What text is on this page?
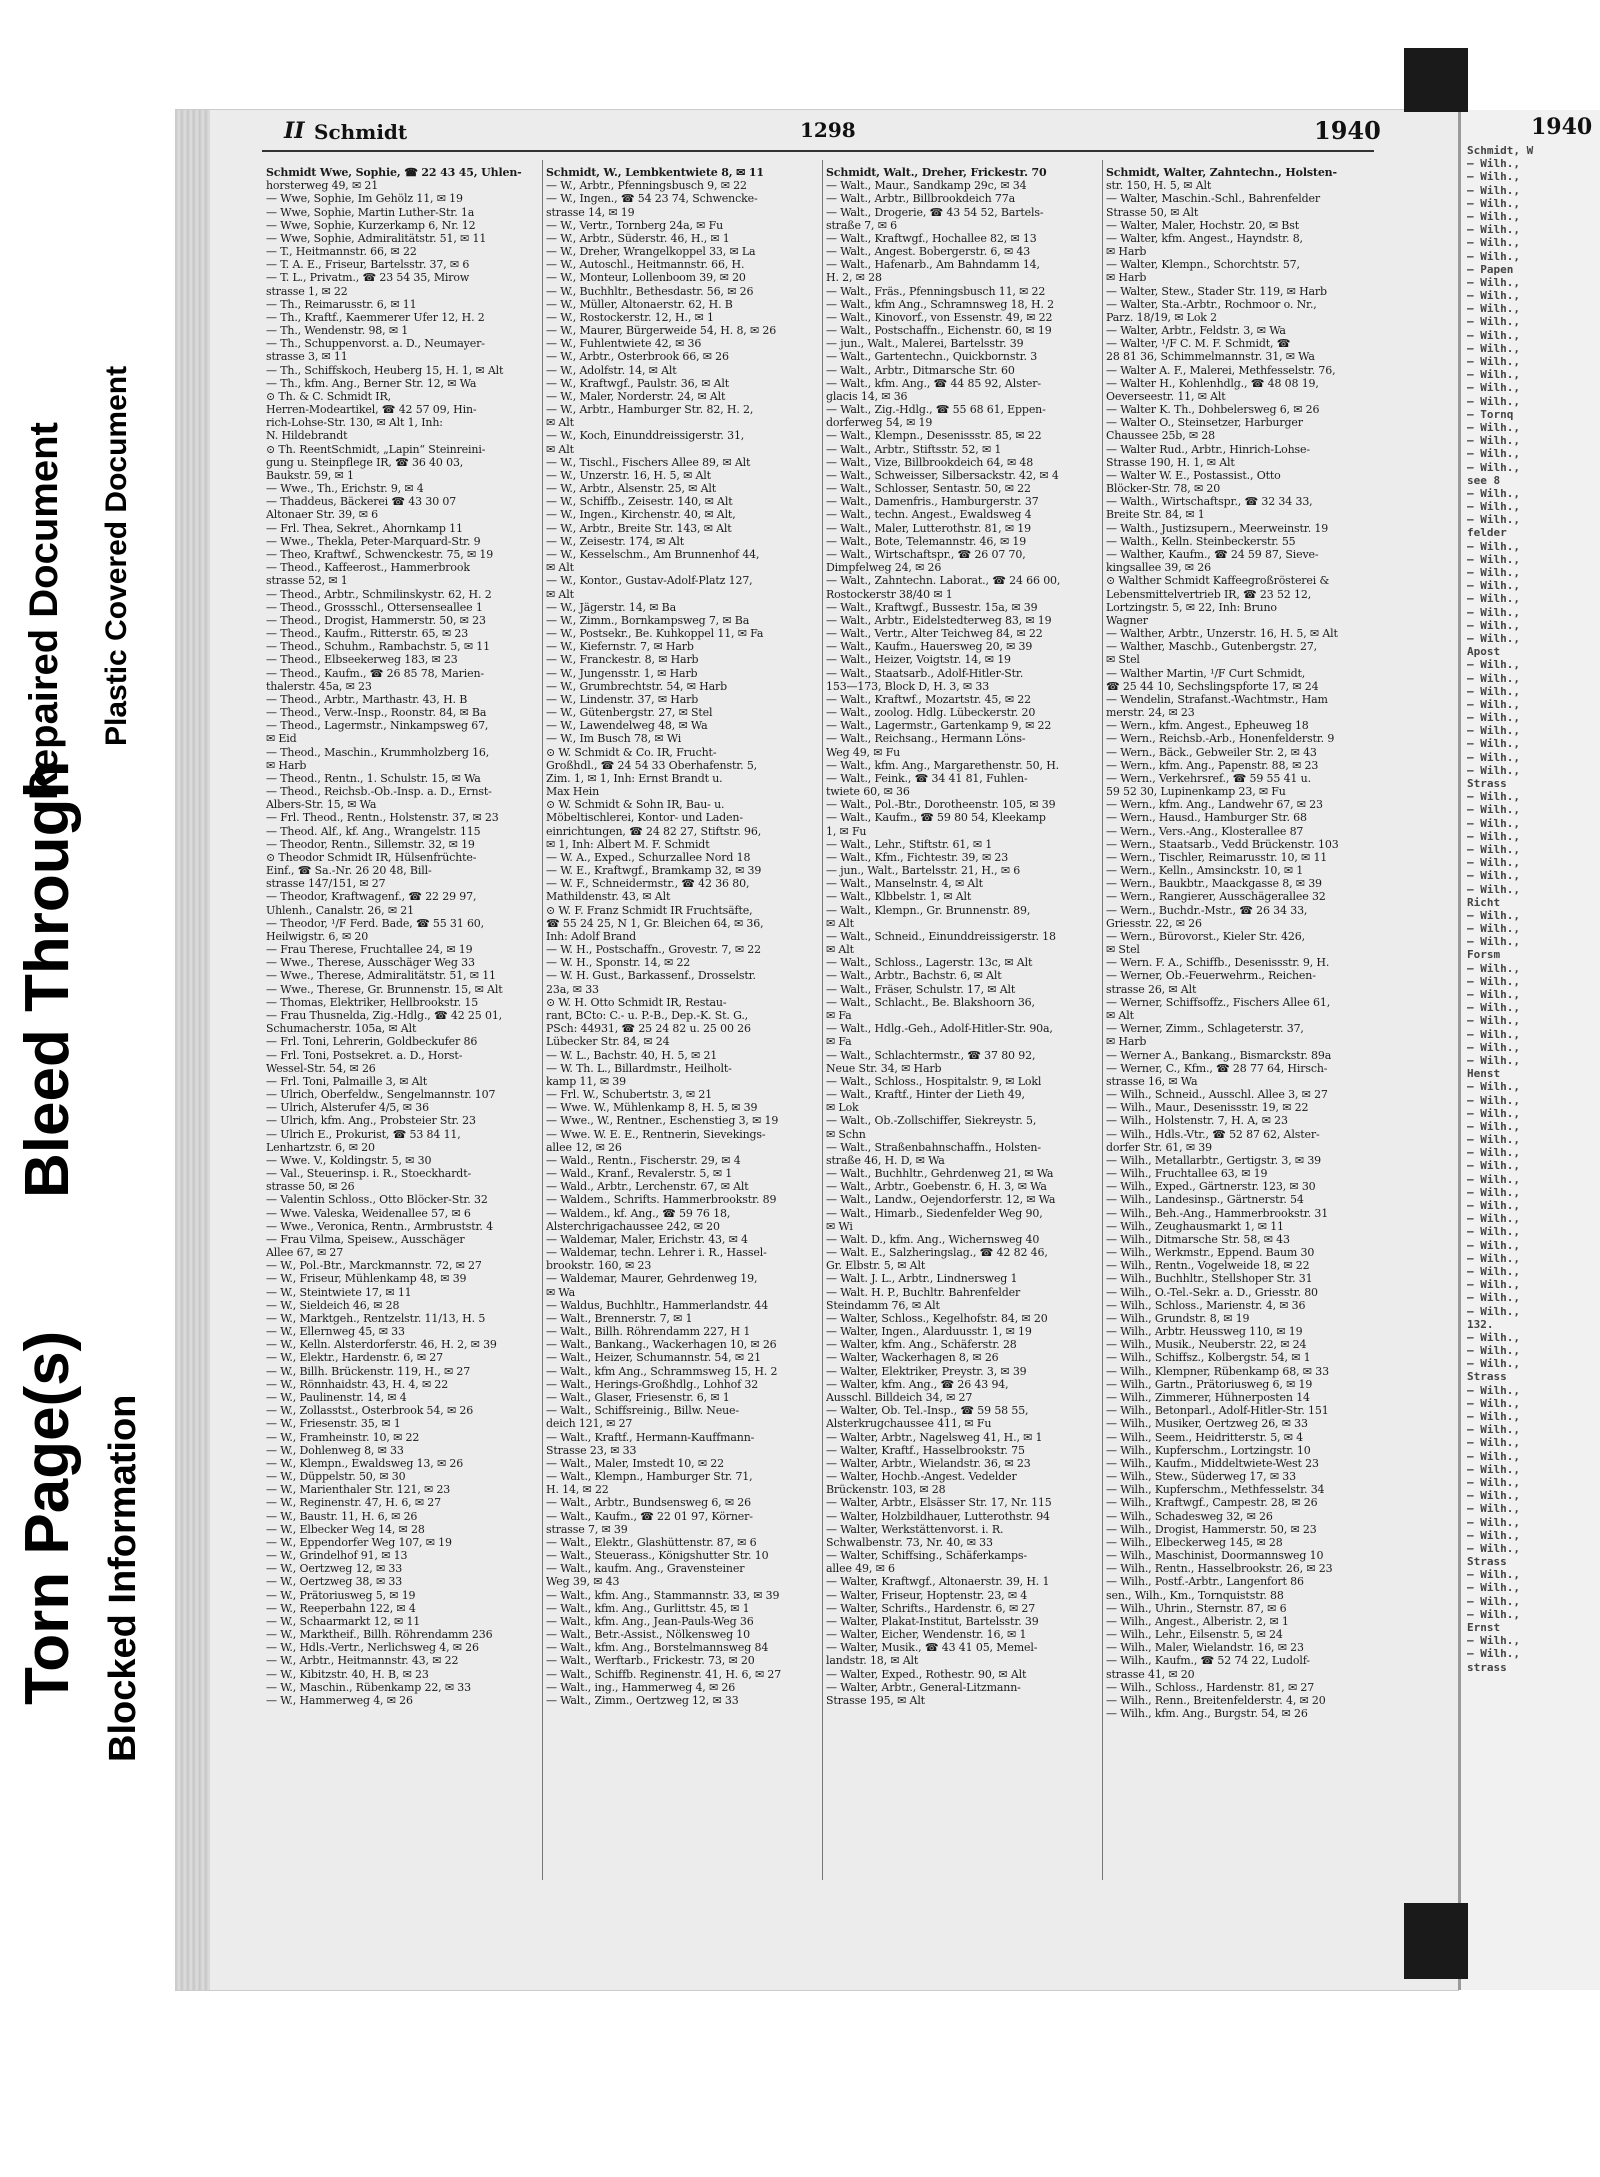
Torn Page(s)
Bleed Through
Repaired Document
Blocked Information
Plastic Covered Document
1940
Schmidt, W
— Wilh.,
— Wilh.,
— Wilh.,
— Wilh.,
— Wilh.,
— Wilh.,
— Wilh.,
— Wilh.,
— Papen
— Wilh.,
— Wilh.,
— Wilh.,
— Wilh.,
— Wilh.,
— Wilh.,
— Wilh.,
— Wilh.,
— Wilh.,
— Wilh.,
— Tornq
— Wilh.,
— Wilh.,
— Wilh.,
— Wilh.,
see 8
— Wilh.,
— Wilh.,
— Wilh.,
felder
— Wilh.,
— Wilh.,
— Wilh.,
— Wilh.,
— Wilh.,
— Wilh.,
— Wilh.,
— Wilh.,
Apost
— Wilh.,
— Wilh.,
— Wilh.,
— Wilh.,
— Wilh.,
— Wilh.,
— Wilh.,
— Wilh.,
— Wilh.,
Strass
— Wilh.,
— Wilh.,
— Wilh.,
— Wilh.,
— Wilh.,
— Wilh.,
— Wilh.,
— Wilh.,
Richt
— Wilh.,
— Wilh.,
— Wilh.,
Forsm
— Wilh.,
— Wilh.,
— Wilh.,
— Wilh.,
— Wilh.,
— Wilh.,
— Wilh.,
— Wilh.,
Henst
— Wilh.,
— Wilh.,
— Wilh.,
— Wilh.,
— Wilh.,
— Wilh.,
— Wilh.,
— Wilh.,
— Wilh.,
— Wilh.,
— Wilh.,
— Wilh.,
— Wilh.,
— Wilh.,
— Wilh.,
— Wilh.,
— Wilh.,
— Wilh.,
132.
— Wilh.,
— Wilh.,
— Wilh.,
Strass
— Wilh.,
— Wilh.,
— Wilh.,
— Wilh.,
— Wilh.,
— Wilh.,
— Wilh.,
— Wilh.,
— Wilh.,
— Wilh.,
— Wilh.,
— Wilh.,
— Wilh.,
Strass
— Wilh.,
— Wilh.,
— Wilh.,
— Wilh.,
Ernst
— Wilh.,
— Wilh.,
strass
II Schmidt	1298	1940
Schmidt Wwe, Sophie, ☎ 22 43 45, Uhlen-
horsterweg 49, ✉ 21
— Wwe, Sophie, Im Gehölz 11, ✉ 19
— Wwe, Sophie, Martin Luther-Str. 1a
— Wwe, Sophie, Kurzerkamp 6, Nr. 12
— Wwe, Sophie, Admiralitätstr. 51, ✉ 11
— T., Heitmannstr. 66, ✉ 22
— T. A. E., Friseur, Bartelsstr. 37, ✉ 6
— T. L., Privatm., ☎ 23 54 35, Mirow
strasse 1, ✉ 22
— Th., Reimarusstr. 6, ✉ 11
— Th., Kraftf., Kaemmerer Ufer 12, H. 2
— Th., Wendenstr. 98, ✉ 1
— Th., Schuppenvorst. a. D., Neumayer-
strasse 3, ✉ 11
— Th., Schiffskoch, Heuberg 15, H. 1, ✉ Alt
— Th., kfm. Ang., Berner Str. 12, ✉ Wa
⊙ Th. & C. Schmidt IR,
Herren-Modeartikel, ☎ 42 57 09, Hin-
rich-Lohse-Str. 130, ✉ Alt 1, Inh:
N. Hildebrandt
⊙ Th. ReentSchmidt, „Lapin“ Steinreini-
gung u. Steinpflege IR, ☎ 36 40 03,
Baukstr. 59, ✉ 1
— Wwe., Th., Erichstr. 9, ✉ 4
— Thaddeus, Bäckerei ☎ 43 30 07
Altonaer Str. 39, ✉ 6
— Frl. Thea, Sekret., Ahornkamp 11
— Wwe., Thekla, Peter-Marquard-Str. 9
— Theo, Kraftwf., Schwenckestr. 75, ✉ 19
— Theod., Kaffeerost., Hammerbrook
strasse 52, ✉ 1
— Theod., Arbtr., Schmilinskystr. 62, H. 2
— Theod., Grossschl., Ottersenseallee 1
— Theod., Drogist, Hammerstr. 50, ✉ 23
— Theod., Kaufm., Ritterstr. 65, ✉ 23
— Theod., Schuhm., Rambachstr. 5, ✉ 11
— Theod., Elbseekerweg 183, ✉ 23
— Theod., Kaufm., ☎ 26 85 78, Marien-
thalerstr. 45a, ✉ 23
— Theod., Arbtr., Marthastr. 43, H. B
— Theod., Verw.-Insp., Roonstr. 84, ✉ Ba
— Theod., Lagermstr., Ninkampsweg 67,
✉ Eid
— Theod., Maschin., Krummholzberg 16,
✉ Harb
— Theod., Rentn., 1. Schulstr. 15, ✉ Wa
— Theod., Reichsb.-Ob.-Insp. a. D., Ernst-
Albers-Str. 15, ✉ Wa
— Frl. Theod., Rentn., Holstenstr. 37, ✉ 23
— Theod. Alf., kf. Ang., Wrangelstr. 115
— Theodor, Rentn., Sillemstr. 32, ✉ 19
⊙ Theodor Schmidt IR, Hülsenfrüchte-
Einf., ☎ Sa.-Nr. 26 20 48, Bill-
strasse 147/151, ✉ 27
— Theodor, Kraftwagenf., ☎ 22 29 97,
Uhlenh., Canalstr. 26, ✉ 21
— Theodor, ¹/F Ferd. Bade, ☎ 55 31 60,
Heilwigstr. 6, ✉ 20
— Frau Therese, Fruchtallee 24, ✉ 19
— Wwe., Therese, Ausschäger Weg 33
— Wwe., Therese, Admiralitätstr. 51, ✉ 11
— Wwe., Therese, Gr. Brunnenstr. 15, ✉ Alt
— Thomas, Elektriker, Hellbrookstr. 15
— Frau Thusnelda, Zig.-Hdlg., ☎ 42 25 01,
Schumacherstr. 105a, ✉ Alt
— Frl. Toni, Lehrerin, Goldbeckufer 86
— Frl. Toni, Postsekret. a. D., Horst-
Wessel-Str. 54, ✉ 26
— Frl. Toni, Palmaille 3, ✉ Alt
— Ulrich, Oberfeldw., Sengelmannstr. 107
— Ulrich, Alsterufer 4/5, ✉ 36
— Ulrich, kfm. Ang., Probsteier Str. 23
— Ulrich E., Prokurist, ☎ 53 84 11,
Lenhartzstr. 6, ✉ 20
— Wwe. V., Koldingstr. 5, ✉ 30
— Val., Steuerinsp. i. R., Stoeckhardt-
strasse 50, ✉ 26
— Valentin Schloss., Otto Blöcker-Str. 32
— Wwe. Valeska, Weidenallee 57, ✉ 6
— Wwe., Veronica, Rentn., Armbruststr. 4
— Frau Vilma, Speisew., Ausschäger
Allee 67, ✉ 27
— W., Pol.-Btr., Marckmannstr. 72, ✉ 27
— W., Friseur, Mühlenkamp 48, ✉ 39
— W., Steintwiete 17, ✉ 11
— W., Sieldeich 46, ✉ 28
— W., Marktgeh., Rentzelstr. 11/13, H. 5
— W., Ellernweg 45, ✉ 33
— W., Kelln. Alsterdorferstr. 46, H. 2, ✉ 39
— W., Elektr., Hardenstr. 6, ✉ 27
— W., Billh. Brückenstr. 119, H., ✉ 27
— W., Rönnhaidstr. 43, H. 4, ✉ 22
— W., Paulinenstr. 14, ✉ 4
— W., Zollasstst., Osterbrook 54, ✉ 26
— W., Friesenstr. 35, ✉ 1
— W., Framheinstr. 10, ✉ 22
— W., Dohlenweg 8, ✉ 33
— W., Klempn., Ewaldsweg 13, ✉ 26
— W., Düppelstr. 50, ✉ 30
— W., Marienthaler Str. 121, ✉ 23
— W., Reginenstr. 47, H. 6, ✉ 27
— W., Baustr. 11, H. 6, ✉ 26
— W., Elbecker Weg 14, ✉ 28
— W., Eppendorfer Weg 107, ✉ 19
— W., Grindelhof 91, ✉ 13
— W., Oertzweg 12, ✉ 33
— W., Oertzweg 38, ✉ 33
— W., Prätoriusweg 5, ✉ 19
— W., Reeperbahn 122, ✉ 4
— W., Schaarmarkt 12, ✉ 11
— W., Marktheif., Billh. Röhrendamm 236
— W., Hdls.-Vertr., Nerlichsweg 4, ✉ 26
— W., Arbtr., Heitmannstr. 43, ✉ 22
— W., Kibitzstr. 40, H. B, ✉ 23
— W., Maschin., Rübenkamp 22, ✉ 33
— W., Hammerweg 4, ✉ 26
Schmidt, W., Lembkentwiete 8, ✉ 11
— W., Arbtr., Pfenningsbusch 9, ✉ 22
— W., Ingen., ☎ 54 23 74, Schwencke-
strasse 14, ✉ 19
— W., Vertr., Tornberg 24a, ✉ Fu
— W., Arbtr., Süderstr. 46, H., ✉ 1
— W., Dreher, Wrangelkoppel 33, ✉ La
— W., Autoschl., Heitmannstr. 66, H.
— W., Monteur, Lollenboom 39, ✉ 20
— W., Buchhltr., Bethesdastr. 56, ✉ 26
— W., Müller, Altonaerstr. 62, H. B
— W., Rostockerstr. 12, H., ✉ 1
— W., Maurer, Bürgerweide 54, H. 8, ✉ 26
— W., Fuhlentwiete 42, ✉ 36
— W., Arbtr., Osterbrook 66, ✉ 26
— W., Adolfstr. 14, ✉ Alt
— W., Kraftwgf., Paulstr. 36, ✉ Alt
— W., Maler, Norderstr. 24, ✉ Alt
— W., Arbtr., Hamburger Str. 82, H. 2,
✉ Alt
— W., Koch, Einunddreissigerstr. 31,
✉ Alt
— W., Tischl., Fischers Allee 89, ✉ Alt
— W., Unzerstr. 16, H. 5, ✉ Alt
— W., Arbtr., Alsenstr. 25, ✉ Alt
— W., Schiffb., Zeisestr. 140, ✉ Alt
— W., Ingen., Kirchenstr. 40, ✉ Alt,
— W., Arbtr., Breite Str. 143, ✉ Alt
— W., Zeisestr. 174, ✉ Alt
— W., Kesselschm., Am Brunnenhof 44,
✉ Alt
— W., Kontor., Gustav-Adolf-Platz 127,
✉ Alt
— W., Jägerstr. 14, ✉ Ba
— W., Zimm., Bornkampsweg 7, ✉ Ba
— W., Postsekr., Be. Kuhkoppel 11, ✉ Fa
— W., Kiefernstr. 7, ✉ Harb
— W., Franckestr. 8, ✉ Harb
— W., Jungensstr. 1, ✉ Harb
— W., Grumbrechtstr. 54, ✉ Harb
— W., Lindenstr. 37, ✉ Harb
— W., Gütenbergstr. 27, ✉ Stel
— W., Lawendelweg 48, ✉ Wa
— W., Im Busch 78, ✉ Wi
⊙ W. Schmidt & Co. IR, Frucht-
Großhdl., ☎ 24 54 33 Oberhafenstr. 5,
Zim. 1, ✉ 1, Inh: Ernst Brandt u.
Max Hein
⊙ W. Schmidt & Sohn IR, Bau- u.
Möbeltischlerei, Kontor- und Laden-
einrichtungen, ☎ 24 82 27, Stiftstr. 96,
✉ 1, Inh: Albert M. F. Schmidt
— W. A., Exped., Schurzallee Nord 18
— W. E., Kraftwgf., Bramkamp 32, ✉ 39
— W. F., Schneidermstr., ☎ 42 36 80,
Mathildenstr. 43, ✉ Alt
⊙ W. F. Franz Schmidt IR Fruchtsäfte,
☎ 55 24 25, N 1, Gr. Bleichen 64, ✉ 36,
Inh: Adolf Brand
— W. H., Postschaffn., Grovestr. 7, ✉ 22
— W. H., Sponstr. 14, ✉ 22
— W. H. Gust., Barkassenf., Drosselstr.
23a, ✉ 33
⊙ W. H. Otto Schmidt IR, Restau-
rant, BCto: C.- u. P.-B., Dep.-K. St. G.,
PSch: 44931, ☎ 25 24 82 u. 25 00 26
Lübecker Str. 84, ✉ 24
— W. L., Bachstr. 40, H. 5, ✉ 21
— W. Th. L., Billardmstr., Heilholt-
kamp 11, ✉ 39
— Frl. W., Schubertstr. 3, ✉ 21
— Wwe. W., Mühlenkamp 8, H. 5, ✉ 39
— Wwe., W., Rentner., Eschenstieg 3, ✉ 19
— Wwe. W. E. E., Rentnerin, Sievekings-
allee 12, ✉ 26
— Wald., Rentn., Fischerstr. 29, ✉ 4
— Wald., Kranf., Revalerstr. 5, ✉ 1
— Wald., Arbtr., Lerchenstr. 67, ✉ Alt
— Waldem., Schrifts. Hammerbrookstr. 89
— Waldem., kf. Ang., ☎ 59 76 18,
Alsterchrigachaussee 242, ✉ 20
— Waldemar, Maler, Erichstr. 43, ✉ 4
— Waldemar, techn. Lehrer i. R., Hassel-
brookstr. 160, ✉ 23
— Waldemar, Maurer, Gehrdenweg 19,
✉ Wa
— Waldus, Buchhltr., Hammerlandstr. 44
— Walt., Brennerstr. 7, ✉ 1
— Walt., Billh. Röhrendamm 227, H 1
— Walt., Bankang., Wackerhagen 10, ✉ 26
— Walt., Heizer, Schumannstr. 54, ✉ 21
— Walt., kfm Ang., Schrammsweg 15, H. 2
— Walt., Herings-Großhdlg., Lohhof 32
— Walt., Glaser, Friesenstr. 6, ✉ 1
— Walt., Schiffsreinig., Billw. Neue-
deich 121, ✉ 27
— Walt., Kraftf., Hermann-Kauffmann-
Strasse 23, ✉ 33
— Walt., Maler, Imstedt 10, ✉ 22
— Walt., Klempn., Hamburger Str. 71,
H. 14, ✉ 22
— Walt., Arbtr., Bundsensweg 6, ✉ 26
— Walt., Kaufm., ☎ 22 01 97, Körner-
strasse 7, ✉ 39
— Walt., Elektr., Glashüttenstr. 87, ✉ 6
— Walt., Steuerass., Königshutter Str. 10
— Walt., kaufm. Ang., Gravensteiner
Weg 39, ✉ 43
— Walt., kfm. Ang., Stammannstr. 33, ✉ 39
— Walt., kfm. Ang., Gurlittstr. 45, ✉ 1
— Walt., kfm. Ang., Jean-Pauls-Weg 36
— Walt., Betr.-Assist., Nölkensweg 10
— Walt., kfm. Ang., Borstelmannsweg 84
— Walt., Werftarb., Frickestr. 73, ✉ 20
— Walt., Schiffb. Reginenstr. 41, H. 6, ✉ 27
— Walt., ing., Hammerweg 4, ✉ 26
— Walt., Zimm., Oertzweg 12, ✉ 33
Schmidt, Walt., Dreher, Frickestr. 70
— Walt., Maur., Sandkamp 29c, ✉ 34
— Walt., Arbtr., Billbrookdeich 77a
— Walt., Drogerie, ☎ 43 54 52, Bartels-
straße 7, ✉ 6
— Walt., Kraftwgf., Hochallee 82, ✉ 13
— Walt., Angest. Bobergerstr. 6, ✉ 43
— Walt., Hafenarb., Am Bahndamm 14,
H. 2, ✉ 28
— Walt., Fräs., Pfenningsbusch 11, ✉ 22
— Walt., kfm Ang., Schramnsweg 18, H. 2
— Walt., Kinovorf., von Essenstr. 49, ✉ 22
— Walt., Postschaffn., Eichenstr. 60, ✉ 19
— jun., Walt., Malerei, Bartelsstr. 39
— Walt., Gartentechn., Quickbornstr. 3
— Walt., Arbtr., Ditmarsche Str. 60
— Walt., kfm. Ang., ☎ 44 85 92, Alster-
glacis 14, ✉ 36
— Walt., Zig.-Hdlg., ☎ 55 68 61, Eppen-
dorferweg 54, ✉ 19
— Walt., Klempn., Desenissstr. 85, ✉ 22
— Walt., Arbtr., Stiftsstr. 52, ✉ 1
— Walt., Vize, Billbrookdeich 64, ✉ 48
— Walt., Schweisser, Silbersackstr. 42, ✉ 4
— Walt., Schlosser, Sentastr. 50, ✉ 22
— Walt., Damenfris., Hamburgerstr. 37
— Walt., techn. Angest., Ewaldsweg 4
— Walt., Maler, Lutterothstr. 81, ✉ 19
— Walt., Bote, Telemannstr. 46, ✉ 19
— Walt., Wirtschaftspr., ☎ 26 07 70,
Dimpfelweg 24, ✉ 26
— Walt., Zahntechn. Laborat., ☎ 24 66 00,
Rostockerstr 38/40 ✉ 1
— Walt., Kraftwgf., Bussestr. 15a, ✉ 39
— Walt., Arbtr., Eidelstedterweg 83, ✉ 19
— Walt., Vertr., Alter Teichweg 84, ✉ 22
— Walt., Kaufm., Hauersweg 20, ✉ 39
— Walt., Heizer, Voigtstr. 14, ✉ 19
— Walt., Staatsarb., Adolf-Hitler-Str.
153—173, Block D, H. 3, ✉ 33
— Walt., Kraftwf., Mozartstr. 45, ✉ 22
— Walt., zoolog. Hdlg. Lübeckerstr. 20
— Walt., Lagermstr., Gartenkamp 9, ✉ 22
— Walt., Reichsang., Hermann Löns-
Weg 49, ✉ Fu
— Walt., kfm. Ang., Margarethenstr. 50, H.
— Walt., Feink., ☎ 34 41 81, Fuhlen-
twiete 60, ✉ 36
— Walt., Pol.-Btr., Dorotheenstr. 105, ✉ 39
— Walt., Kaufm., ☎ 59 80 54, Kleekamp
1, ✉ Fu
— Walt., Lehr., Stiftstr. 61, ✉ 1
— Walt., Kfm., Fichtestr. 39, ✉ 23
— jun., Walt., Bartelsstr. 21, H., ✉ 6
— Walt., Manselnstr. 4, ✉ Alt
— Walt., Klbbelstr. 1, ✉ Alt
— Walt., Klempn., Gr. Brunnenstr. 89,
✉ Alt
— Walt., Schneid., Einunddreissigerstr. 18
✉ Alt
— Walt., Schloss., Lagerstr. 13c, ✉ Alt
— Walt., Arbtr., Bachstr. 6, ✉ Alt
— Walt., Fräser, Schulstr. 17, ✉ Alt
— Walt., Schlacht., Be. Blakshoorn 36,
✉ Fa
— Walt., Hdlg.-Geh., Adolf-Hitler-Str. 90a,
✉ Fa
— Walt., Schlachtermstr., ☎ 37 80 92,
Neue Str. 34, ✉ Harb
— Walt., Schloss., Hospitalstr. 9, ✉ Lokl
— Walt., Kraftf., Hinter der Lieth 49,
✉ Lok
— Walt., Ob.-Zollschiffer, Siekreystr. 5,
✉ Schn
— Walt., Straßenbahnschaffn., Holsten-
straße 46, H. D, ✉ Wa
— Walt., Buchhltr., Gehrdenweg 21, ✉ Wa
— Walt., Arbtr., Goebenstr. 6, H. 3, ✉ Wa
— Walt., Landw., Oejendorferstr. 12, ✉ Wa
— Walt., Himarb., Siedenfelder Weg 90,
✉ Wi
— Walt. D., kfm. Ang., Wichernsweg 40
— Walt. E., Salzheringslag., ☎ 42 82 46,
Gr. Elbstr. 5, ✉ Alt
— Walt. J. L., Arbtr., Lindnersweg 1
— Walt. H. P., Buchltr. Bahrenfelder
Steindamm 76, ✉ Alt
— Walter, Schloss., Kegelhofstr. 84, ✉ 20
— Walter, Ingen., Alarduusstr. 1, ✉ 19
— Walter, kfm. Ang., Schäferstr. 28
— Walter, Wackerhagen 8, ✉ 26
— Walter, Elektriker, Preystr. 3, ✉ 39
— Walter, kfm. Ang., ☎ 26 43 94,
Ausschl. Billdeich 34, ✉ 27
— Walter, Ob. Tel.-Insp., ☎ 59 58 55,
Alsterkrugchaussee 411, ✉ Fu
— Walter, Arbtr., Nagelsweg 41, H., ✉ 1
— Walter, Kraftf., Hasselbrookstr. 75
— Walter, Arbtr., Wielandstr. 36, ✉ 23
— Walter, Hochb.-Angest. Vedelder
Brückenstr. 103, ✉ 28
— Walter, Arbtr., Elsässer Str. 17, Nr. 115
— Walter, Holzbildhauer, Lutterothstr. 94
— Walter, Werkstättenvorst. i. R.
Schwalbenstr. 73, Nr. 40, ✉ 33
— Walter, Schiffsing., Schäferkamps-
allee 49, ✉ 6
— Walter, Kraftwgf., Altonaerstr. 39, H. 1
— Walter, Friseur, Hoptenstr. 23, ✉ 4
— Walter, Schrifts., Hardenstr. 6, ✉ 27
— Walter, Plakat-Institut, Bartelsstr. 39
— Walter, Eicher, Wendenstr. 16, ✉ 1
— Walter, Musik., ☎ 43 41 05, Memel-
landstr. 18, ✉ Alt
— Walter, Exped., Rothestr. 90, ✉ Alt
— Walter, Arbtr., General-Litzmann-
Strasse 195, ✉ Alt
Schmidt, Walter, Zahntechn., Holsten-
str. 150, H. 5, ✉ Alt
— Walter, Maschin.-Schl., Bahrenfelder
Strasse 50, ✉ Alt
— Walter, Maler, Hochstr. 20, ✉ Bst
— Walter, kfm. Angest., Hayndstr. 8,
✉ Harb
— Walter, Klempn., Schorchtstr. 57,
✉ Harb
— Walter, Stew., Stader Str. 119, ✉ Harb
— Walter, Sta.-Arbtr., Rochmoor o. Nr.,
Parz. 18/19, ✉ Lok 2
— Walter, Arbtr., Feldstr. 3, ✉ Wa
— Walter, ¹/F C. M. F. Schmidt, ☎
28 81 36, Schimmelmannstr. 31, ✉ Wa
— Walter A. F., Malerei, Methfesselstr. 76,
— Walter H., Kohlenhdlg., ☎ 48 08 19,
Oeverseestr. 11, ✉ Alt
— Walter K. Th., Dohbelersweg 6, ✉ 26
— Walter O., Steinsetzer, Harburger
Chaussee 25b, ✉ 28
— Walter Rud., Arbtr., Hinrich-Lohse-
Strasse 190, H. 1, ✉ Alt
— Walter W. E., Postassist., Otto
Blöcker-Str. 78, ✉ 20
— Walth., Wirtschaftspr., ☎ 32 34 33,
Breite Str. 84, ✉ 1
— Walth., Justizsupern., Meerweinstr. 19
— Walth., Kelln. Steinbeckerstr. 55
— Walther, Kaufm., ☎ 24 59 87, Sieve-
kingsallee 39, ✉ 26
⊙ Walther Schmidt Kaffeegroßrösterei &
Lebensmittelvertrieb IR, ☎ 23 52 12,
Lortzingstr. 5, ✉ 22, Inh: Bruno
Wagner
— Walther, Arbtr., Unzerstr. 16, H. 5, ✉ Alt
— Walther, Maschb., Gutenbergstr. 27,
✉ Stel
— Walther Martin, ¹/F Curt Schmidt,
☎ 25 44 10, Sechslingspforte 17, ✉ 24
— Wendelin, Strafanst.-Wachtmstr., Ham
merstr. 24, ✉ 23
— Wern., kfm. Angest., Epheuweg 18
— Wern., Reichsb.-Arb., Honenfelderstr. 9
— Wern., Bäck., Gebweiler Str. 2, ✉ 43
— Wern., kfm. Ang., Papenstr. 88, ✉ 23
— Wern., Verkehrsref., ☎ 59 55 41 u.
59 52 30, Lupinenkamp 23, ✉ Fu
— Wern., kfm. Ang., Landwehr 67, ✉ 23
— Wern., Hausd., Hamburger Str. 68
— Wern., Vers.-Ang., Klosterallee 87
— Wern., Staatsarb., Vedd Brückenstr. 103
— Wern., Tischler, Reimarusstr. 10, ✉ 11
— Wern., Kelln., Amsinckstr. 10, ✉ 1
— Wern., Baukbtr., Maackgasse 8, ✉ 39
— Wern., Rangierer, Ausschägerallee 32
— Wern., Buchdr.-Mstr., ☎ 26 34 33,
Griesstr. 22, ✉ 26
— Wern., Bürovorst., Kieler Str. 426,
✉ Stel
— Wern. F. A., Schiffb., Desenissstr. 9, H.
— Werner, Ob.-Feuerwehrm., Reichen-
strasse 26, ✉ Alt
— Werner, Schiffsoffz., Fischers Allee 61,
✉ Alt
— Werner, Zimm., Schlageterstr. 37,
✉ Harb
— Werner A., Bankang., Bismarckstr. 89a
— Werner, C., Kfm., ☎ 28 77 64, Hirsch-
strasse 16, ✉ Wa
— Wilh., Schneid., Ausschl. Allee 3, ✉ 27
— Wilh., Maur., Desenissstr. 19, ✉ 22
— Wilh., Holstenstr. 7, H. A, ✉ 23
— Wilh., Hdls.-Vtr., ☎ 52 87 62, Alster-
dorfer Str. 61, ✉ 39
— Wilh., Metallarbtr., Gertigstr. 3, ✉ 39
— Wilh., Fruchtallee 63, ✉ 19
— Wilh., Exped., Gärtnerstr. 123, ✉ 30
— Wilh., Landesinsp., Gärtnerstr. 54
— Wilh., Beh.-Ang., Hammerbrookstr. 31
— Wilh., Zeughausmarkt 1, ✉ 11
— Wilh., Ditmarsche Str. 58, ✉ 43
— Wilh., Werkmstr., Eppend. Baum 30
— Wilh., Rentn., Vogelweide 18, ✉ 22
— Wilh., Buchhltr., Stellshoper Str. 31
— Wilh., O.-Tel.-Sekr. a. D., Griesstr. 80
— Wilh., Schloss., Marienstr. 4, ✉ 36
— Wilh., Grundstr. 8, ✉ 19
— Wilh., Arbtr. Heussweg 110, ✉ 19
— Wilh., Musik., Neuberstr. 22, ✉ 24
— Wilh., Schiffsz., Kolbergstr. 54, ✉ 1
— Wilh., Klempner, Rübenkamp 68, ✉ 33
— Wilh., Gartn., Prätoriusweg 6, ✉ 19
— Wilh., Zimmerer, Hühnerposten 14
— Wilh., Betonparl., Adolf-Hitler-Str. 151
— Wilh., Musiker, Oertzweg 26, ✉ 33
— Wilh., Seem., Heidritterstr. 5, ✉ 4
— Wilh., Kupferschm., Lortzingstr. 10
— Wilh., Kaufm., Middeltwiete-West 23
— Wilh., Stew., Süderweg 17, ✉ 33
— Wilh., Kupferschm., Methfesselstr. 34
— Wilh., Kraftwgf., Campestr. 28, ✉ 26
— Wilh., Schadesweg 32, ✉ 26
— Wilh., Drogist, Hammerstr. 50, ✉ 23
— Wilh., Elbeckerweg 145, ✉ 28
— Wilh., Maschinist, Doormannsweg 10
— Wilh., Rentn., Hasselbrookstr. 26, ✉ 23
— Wilh., Postf.-Arbtr., Langenfort 86
sen., Wilh., Km., Tornquiststr. 88
— Wilh., Uhrin., Sternstr. 87, ✉ 6
— Wilh., Angest., Alberistr. 2, ✉ 1
— Wilh., Lehr., Eilsenstr. 5, ✉ 24
— Wilh., Maler, Wielandstr. 16, ✉ 23
— Wilh., Kaufm., ☎ 52 74 22, Ludolf-
strasse 41, ✉ 20
— Wilh., Schloss., Hardenstr. 81, ✉ 27
— Wilh., Renn., Breitenfelderstr. 4, ✉ 20
— Wilh., kfm. Ang., Burgstr. 54, ✉ 26
